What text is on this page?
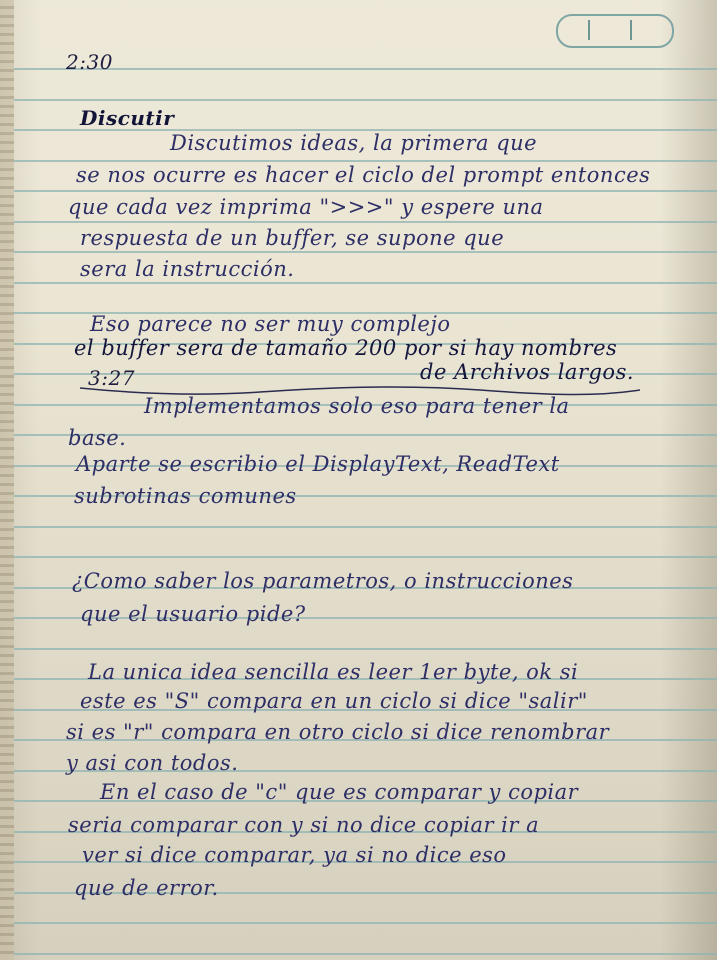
2:30
Discutir
Discutimos ideas, la primera que
se nos ocurre es hacer el ciclo del prompt entonces
que cada vez imprima ">>>" y espere una
respuesta de un buffer, se supone que
sera la instrucción.
Eso parece no ser muy complejo
el buffer sera de tamaño 200 por si hay nombres
de Archivos largos.
3:27
Implementamos solo eso para tener la
base.
Aparte se escribio el DisplayText, ReadText
subrotinas comunes
¿Como saber los parametros, o instrucciones
que el usuario pide?
La unica idea sencilla es leer 1er byte, ok si
este es "S" compara en un ciclo si dice "salir"
si es "r" compara en otro ciclo si dice renombrar
y asi con todos.
En el caso de "c" que es comparar y copiar
seria comparar con y si no dice copiar ir a
ver si dice comparar, ya si no dice eso
que de error.
